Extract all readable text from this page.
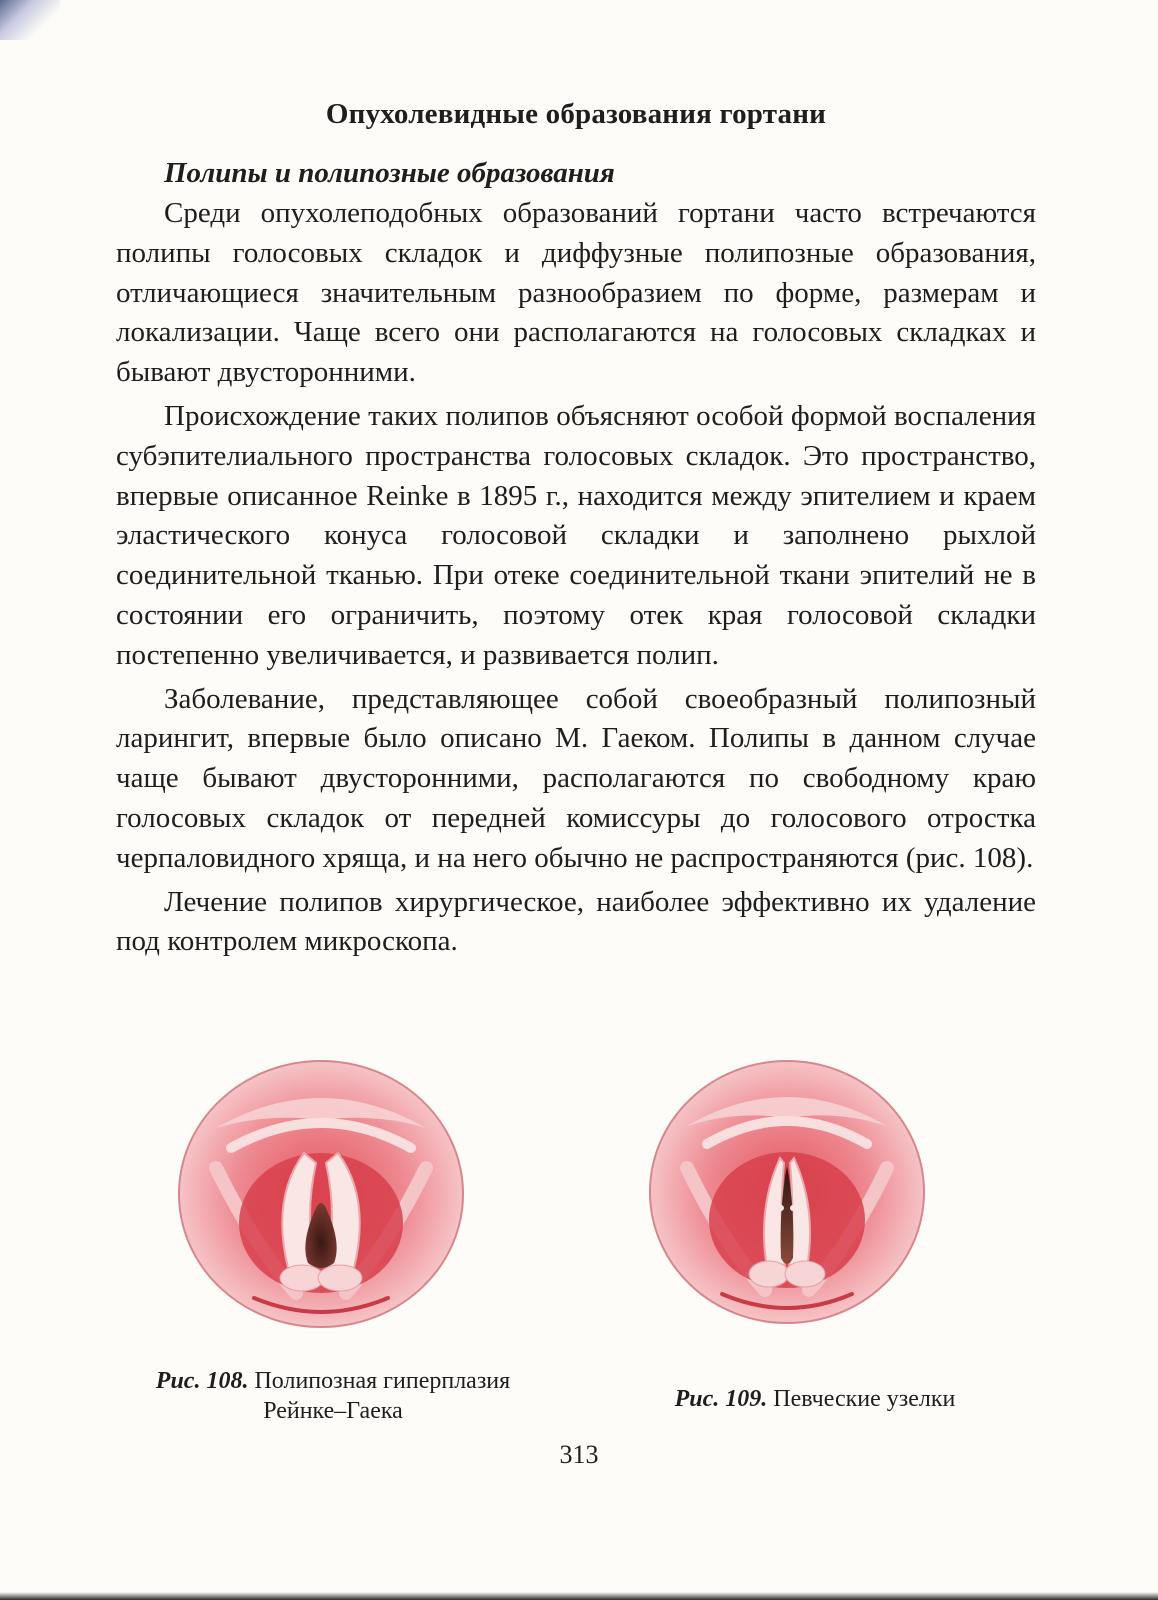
Опухолевидные образования гортани
Полипы и полипозные образования

Среди опухолеподобных образований гортани часто встречаются полипы голосовых складок и диффузные полипозные образования, отличающиеся значительным разнообразием по форме, размерам и локализации. Чаще всего они располагаются на голосовых складках и бывают двусторонними.

Происхождение таких полипов объясняют особой формой воспаления субэпителиального пространства голосовых складок. Это пространство, впервые описанное Reinke в 1895 г., находится между эпителием и краем эластического конуса голосовой складки и заполнено рыхлой соединительной тканью. При отеке соединительной ткани эпителий не в состоянии его ограничить, поэтому отек края голосовой складки постепенно увеличивается, и развивается полип.

Заболевание, представляющее собой своеобразный полипозный ларингит, впервые было описано М. Гаеком. Полипы в данном случае чаще бывают двусторонними, располагаются по свободному краю голосовых складок от передней комиссуры до голосового отростка черпаловидного хряща, и на него обычно не распространяются (рис. 108).

Лечение полипов хирургическое, наиболее эффективно их удаление под контролем микроскопа.

Рис. 108. Полипозная гиперплазия Рейнке–Гаека	Рис. 109. Певческие узелки
313
